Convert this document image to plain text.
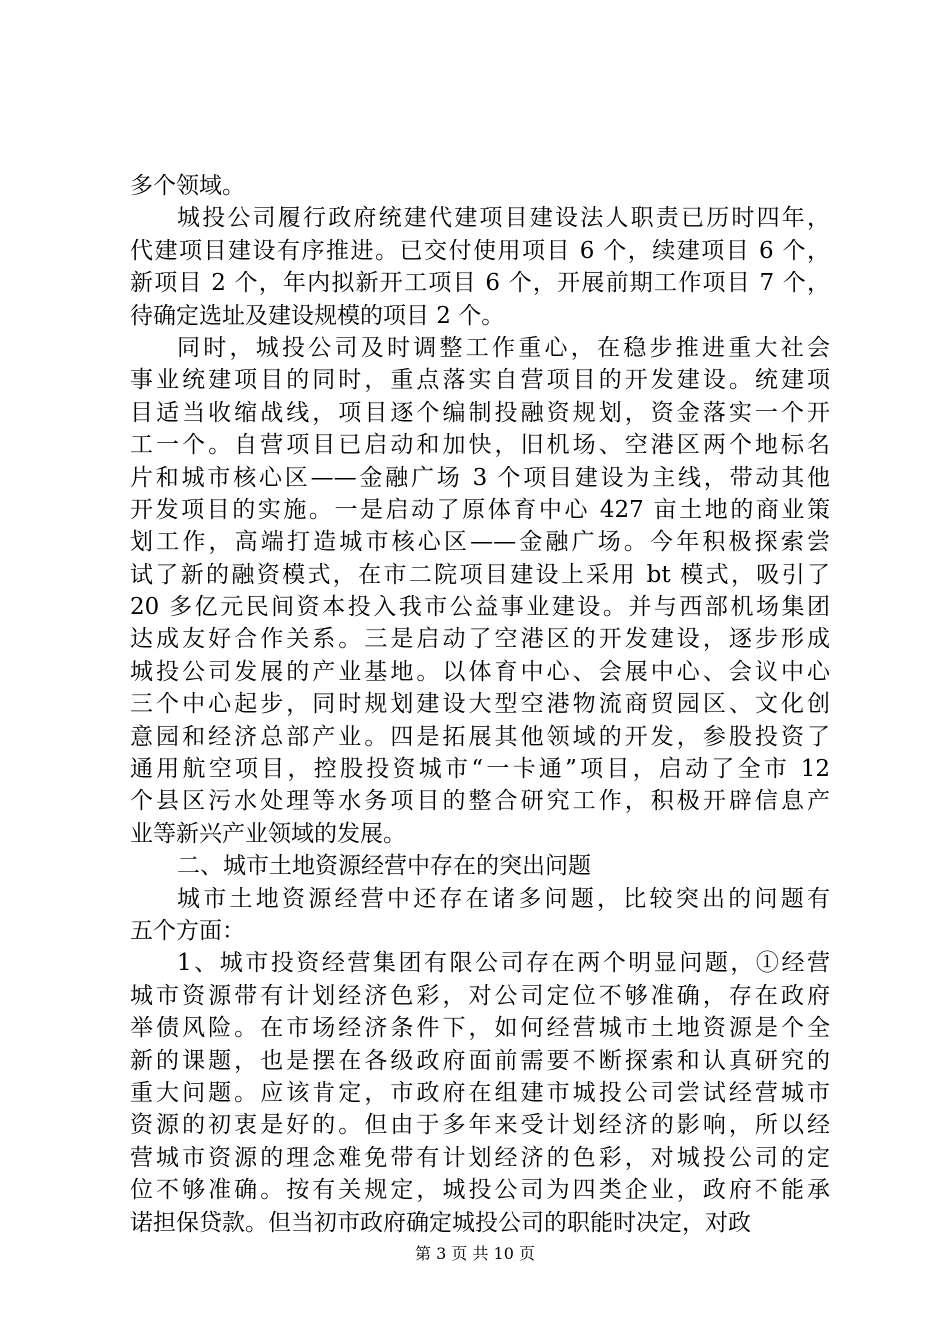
多个领域。
城投公司履行政府统建代建项目建设法人职责已历时四年，
代建项目建设有序推进。已交付使用项目 6 个，续建项目 6 个，
新项目 2 个，年内拟新开工项目 6 个，开展前期工作项目 7 个，
待确定选址及建设规模的项目 2 个。
同时，城投公司及时调整工作重心，在稳步推进重大社会
事业统建项目的同时，重点落实自营项目的开发建设。统建项
目适当收缩战线，项目逐个编制投融资规划，资金落实一个开
工一个。自营项目已启动和加快，旧机场、空港区两个地标名
片和城市核心区——金融广场 3 个项目建设为主线，带动其他
开发项目的实施。一是启动了原体育中心 427 亩土地的商业策
划工作，高端打造城市核心区——金融广场。今年积极探索尝
试了新的融资模式，在市二院项目建设上采用 bt 模式，吸引了
20 多亿元民间资本投入我市公益事业建设。并与西部机场集团
达成友好合作关系。三是启动了空港区的开发建设，逐步形成
城投公司发展的产业基地。以体育中心、会展中心、会议中心
三个中心起步，同时规划建设大型空港物流商贸园区、文化创
意园和经济总部产业。四是拓展其他领域的开发，参股投资了
通用航空项目，控股投资城市“一卡通”项目，启动了全市 12
个县区污水处理等水务项目的整合研究工作，积极开辟信息产
业等新兴产业领域的发展。
二、城市土地资源经营中存在的突出问题
城市土地资源经营中还存在诸多问题，比较突出的问题有
五个方面：
1、城市投资经营集团有限公司存在两个明显问题，①经营
城市资源带有计划经济色彩，对公司定位不够准确，存在政府
举债风险。在市场经济条件下，如何经营城市土地资源是个全
新的课题，也是摆在各级政府面前需要不断探索和认真研究的
重大问题。应该肯定，市政府在组建市城投公司尝试经营城市
资源的初衷是好的。但由于多年来受计划经济的影响，所以经
营城市资源的理念难免带有计划经济的色彩，对城投公司的定
位不够准确。按有关规定，城投公司为四类企业，政府不能承
诺担保贷款。但当初市政府确定城投公司的职能时决定，对政
第 3 页 共 10 页
